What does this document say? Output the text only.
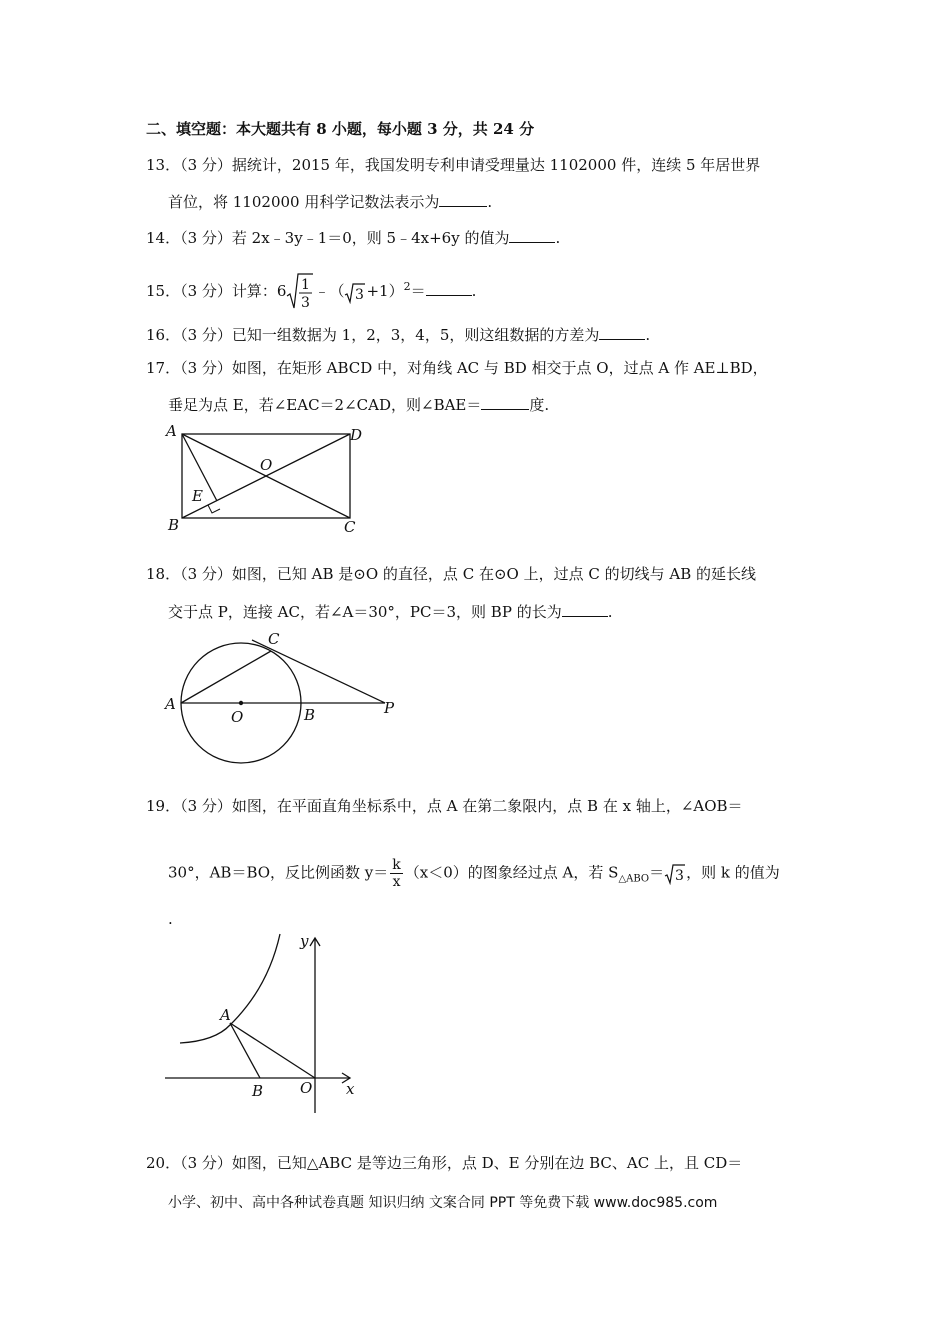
二、填空题：本大题共有 8 小题，每小题 3 分，共 24 分
13．（3 分）据统计，2015 年，我国发明专利申请受理量达 1102000 件，连续 5 年居世界
首位，将 1102000 用科学记数法表示为	.
14．（3 分）若 2x﹣3y﹣1＝0，则 5﹣4x+6y 的值为	.
15．（3 分）计算：6 1
3
﹣（ 3 +1）$^2$＝	.
16．（3 分）已知一组数据为 1，2，3，4，5，则这组数据的方差为	.
17．（3 分）如图，在矩形 ABCD 中，对角线 AC 与 BD 相交于点 O，过点 A 作 AE⊥BD，
垂足为点 E，若∠EAC＝2∠CAD，则∠BAE＝	度.
A	D
O
E
B	C
18．（3 分）如图，已知 AB 是⊙O 的直径，点 C 在⊙O 上，过点 C 的切线与 AB 的延长线
交于点 P，连接 AC，若∠A＝30°，PC＝3，则 BP 的长为	.
C
A
O	B	P
19．（3 分）如图，在平面直角坐标系中，点 A 在第二象限内，点 B 在 x 轴上，∠AOB＝
30°，AB＝BO，反比例函数 $y= \frac{k}{x} (x<0)$的图象经过点 A，若 $S_{\triangle ABO}= 3$ ，则 k 的值为
.
y
A
B O x
20．（3 分）如图，已知△ABC 是等边三角形，点 D、E 分别在边 BC、AC 上，且 CD＝
小学、初中、高中各种试卷真题 知识归纳 文案合同 PPT 等免费下载 www.doc985.com
